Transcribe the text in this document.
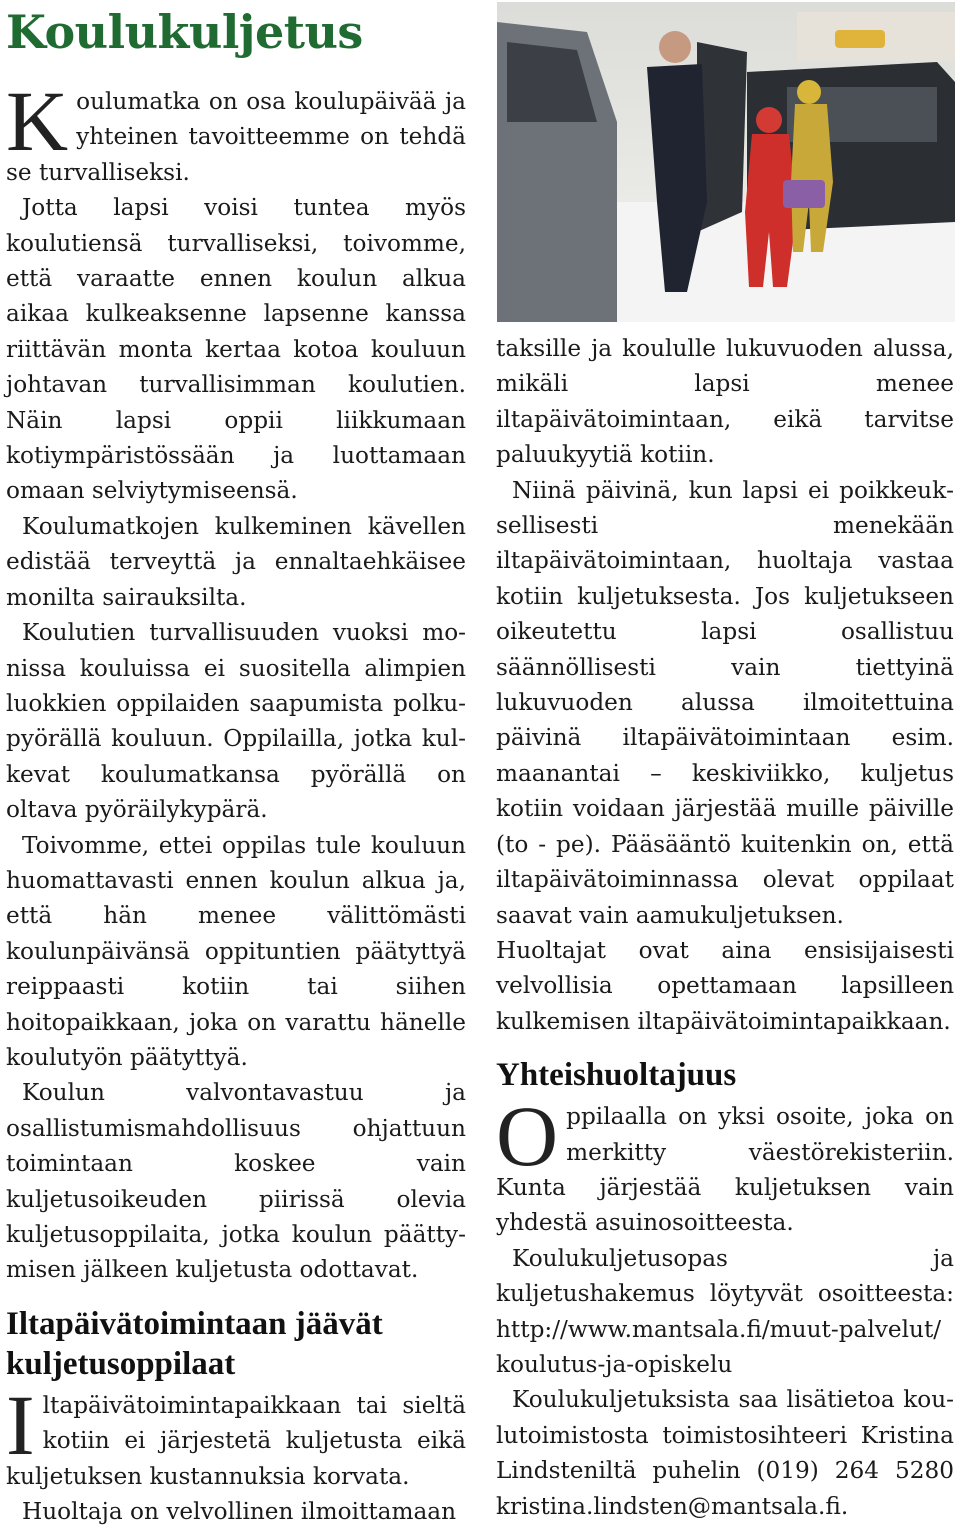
Koulukuljetus

Koulumatka on osa koulupäivää ja yhteinen tavoitteemme on tehdä se turvalliseksi.

Jotta lapsi voisi tuntea myös koulutiensä turvalliseksi, toivomme, että varaatte ennen koulun alkua aikaa kulkeaksenne lapsenne kanssa riittävän monta kertaa kotoa kouluun johtavan turvallisimman koulutien. Näin lapsi oppii liikkumaan kotiympäristössään ja luottamaan omaan selviytymiseensä.

Koulumatkojen kulkeminen kävellen edistää terveyttä ja ennaltaehkäisee monilta sairauksilta.

Koulutien turvallisuuden vuoksi monissa kouluissa ei suositella alimpien luokkien oppilaiden saapumista polkupyörällä kouluun. Oppilailla, jotka kulkevat koulumatkansa pyörällä on oltava pyöräilykypärä.

Toivomme, ettei oppilas tule kouluun huomattavasti ennen koulun alkua ja, että hän menee välittömästi koulunpäivänsä oppituntien päätyttyä reippaasti kotiin tai siihen hoitopaikkaan, joka on varattu hänelle koulutyön päätyttyä.

Koulun valvontavastuu ja osallistumismahdollisuus ohjattuun toimintaan koskee vain kuljetusoikeuden piirissä olevia kuljetusoppilaita, jotka koulun päättymisen jälkeen kuljetusta odottavat.

Iltapäivätoimintaan jäävät kuljetusoppilaat

Iltapäivätoimintapaikkaan tai sieltä kotiin ei järjestetä kuljetusta eikä kuljetuksen kustannuksia korvata.

Huoltaja on velvollinen ilmoittamaan

taksille ja koululle lukuvuoden alussa, mikäli lapsi menee iltapäivätoimintaan, eikä tarvitse paluukyytiä kotiin.

Niinä päivinä, kun lapsi ei poikkeuksellisesti menekään iltapäivätoimintaan, huoltaja vastaa kotiin kuljetuksesta. Jos kuljetukseen oikeutettu lapsi osallistuu säännöllisesti vain tiettyinä lukuvuoden alussa ilmoitettuina päivinä iltapäivätoimintaan esim. maanantai – keskiviikko, kuljetus kotiin voidaan järjestää muille päiville (to - pe). Pääsääntö kuitenkin on, että iltapäivätoiminnassa olevat oppilaat saavat vain aamukuljetuksen.

Huoltajat ovat aina ensisijaisesti velvollisia opettamaan lapsilleen kulkemisen iltapäivätoimintapaikkaan.

Yhteishuoltajuus

Oppilaalla on yksi osoite, joka on merkitty väestörekisteriin. Kunta järjestää kuljetuksen vain yhdestä asuinosoitteesta.

Koulukuljetusopas ja kuljetushakemus löytyvät osoitteesta: http://www.mantsala.fi/muut-palvelut/ koulutus-ja-opiskelu

Koulukuljetuksista saa lisätietoa koulutoimistosta toimistosihteeri Kristina Lindsteniltä puhelin (019) 264 5280 kristina.lindsten@mantsala.fi.
